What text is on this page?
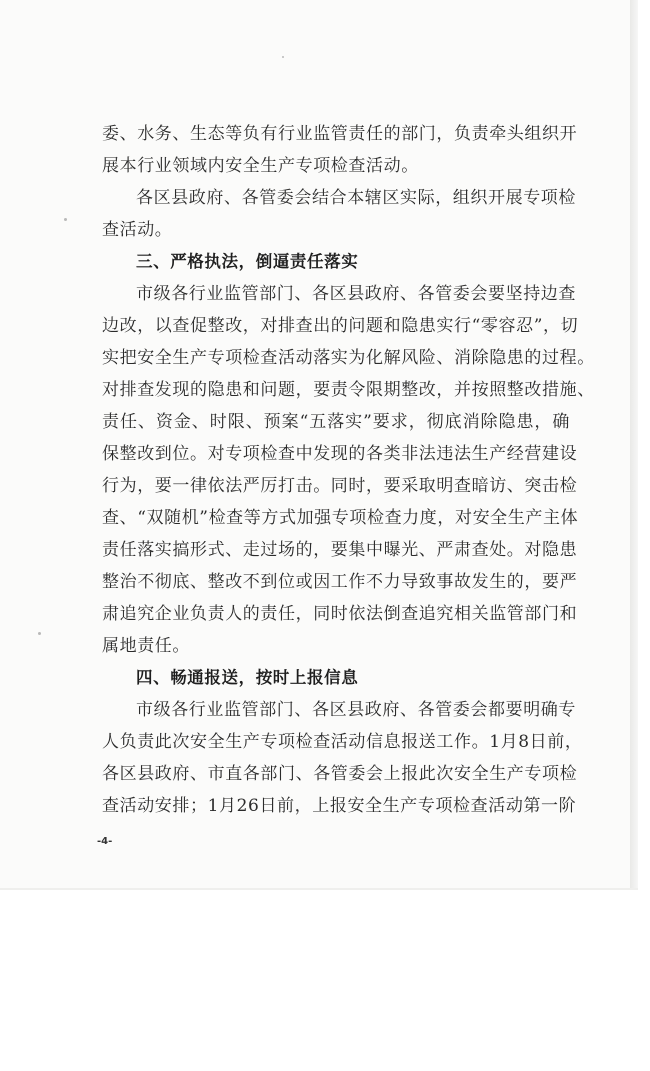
委、水务、生态等负有行业监管责任的部门，负责牵头组织开
展本行业领域内安全生产专项检查活动。
各区县政府、各管委会结合本辖区实际，组织开展专项检
查活动。
三、严格执法，倒逼责任落实
市级各行业监管部门、各区县政府、各管委会要坚持边查
边改，以查促整改，对排查出的问题和隐患实行“零容忍”，切
实把安全生产专项检查活动落实为化解风险、消除隐患的过程。
对排查发现的隐患和问题，要责令限期整改，并按照整改措施、
责任、资金、时限、预案“五落实”要求，彻底消除隐患，确
保整改到位。对专项检查中发现的各类非法违法生产经营建设
行为，要一律依法严厉打击。同时，要采取明查暗访、突击检
查、“双随机”检查等方式加强专项检查力度，对安全生产主体
责任落实搞形式、走过场的，要集中曝光、严肃查处。对隐患
整治不彻底、整改不到位或因工作不力导致事故发生的，要严
肃追究企业负责人的责任，同时依法倒查追究相关监管部门和
属地责任。
四、畅通报送，按时上报信息
市级各行业监管部门、各区县政府、各管委会都要明确专
人负责此次安全生产专项检查活动信息报送工作。1月8日前，
各区县政府、市直各部门、各管委会上报此次安全生产专项检
查活动安排；1月26日前，上报安全生产专项检查活动第一阶
-4-
